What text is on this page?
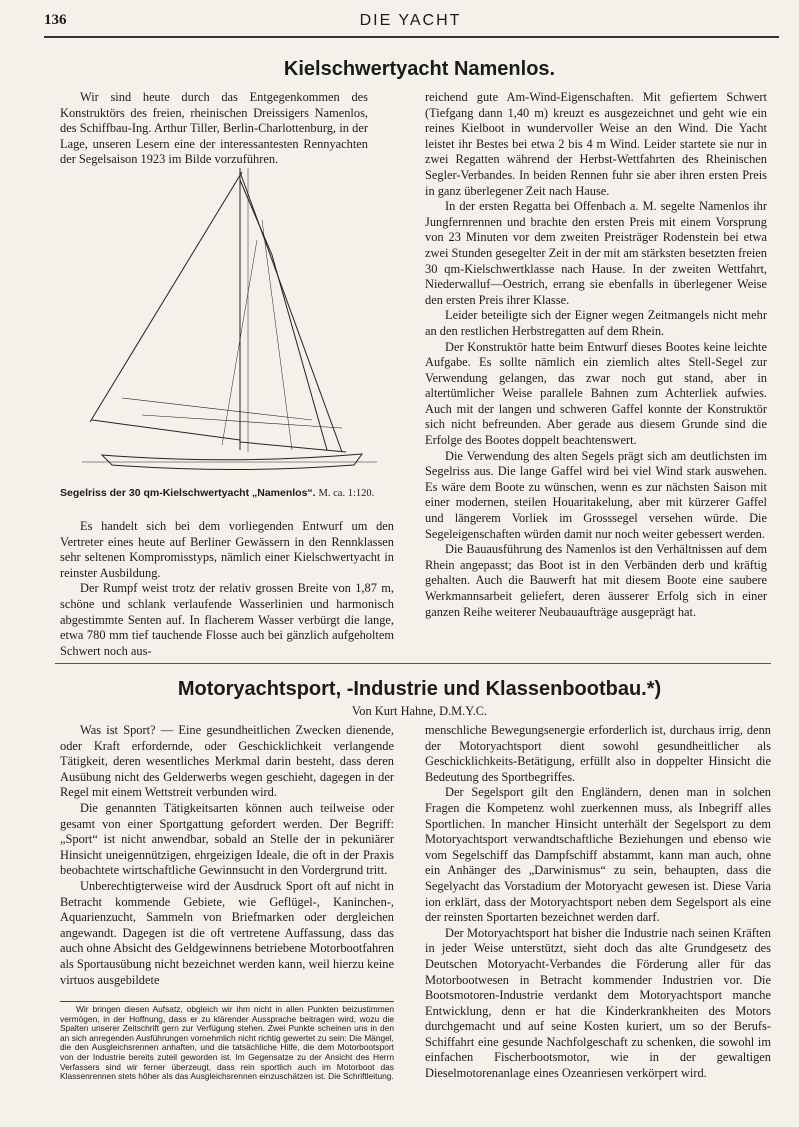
136	DIE YACHT
Kielschwertyacht Namenlos.

Wir sind heute durch das Entgegenkommen des Konstruktörs des freien, rheinischen Dreissigers Namenlos, des Schiffbau-Ing. Arthur Tiller, Berlin-Charlottenburg, in der Lage, unseren Lesern eine der interessantesten Rennyachten der Segelsaison 1923 im Bilde vorzuführen.

Segelriss der 30 qm-Kielschwertyacht „Namenlos“. M. ca. 1:120.

Es handelt sich bei dem vorliegenden Entwurf um den Vertreter eines heute auf Berliner Gewässern in den Rennklassen sehr seltenen Kompromisstyps, nämlich einer Kielschwertyacht in reinster Ausbildung.

Der Rumpf weist trotz der relativ grossen Breite von 1,87 m, schöne und schlank verlaufende Wasserlinien und harmonisch abgestimmte Senten auf. In flacherem Wasser verbürgt die lange, etwa 780 mm tief tauchende Flosse auch bei gänzlich aufgeholtem Schwert noch aus-

reichend gute Am-Wind-Eigenschaften. Mit gefiertem Schwert (Tiefgang dann 1,40 m) kreuzt es ausgezeichnet und geht wie ein reines Kielboot in wundervoller Weise an den Wind. Die Yacht leistet ihr Bestes bei etwa 2 bis 4 m Wind. Leider startete sie nur in zwei Regatten während der Herbst-Wettfahrten des Rheinischen Segler-Verbandes. In beiden Rennen fuhr sie aber ihren ersten Preis in ganz überlegener Zeit nach Hause.

In der ersten Regatta bei Offenbach a. M. segelte Namenlos ihr Jungfernrennen und brachte den ersten Preis mit einem Vorsprung von 23 Minuten vor dem zweiten Preisträger Rodenstein bei etwa zwei Stunden gesegelter Zeit in der mit am stärksten besetzten freien 30 qm-Kielschwertklasse nach Hause. In der zweiten Wettfahrt, Niederwalluf—Oestrich, errang sie ebenfalls in überlegener Weise den ersten Preis ihrer Klasse.

Leider beteiligte sich der Eigner wegen Zeitmangels nicht mehr an den restlichen Herbstregatten auf dem Rhein.

Der Konstruktör hatte beim Entwurf dieses Bootes keine leichte Aufgabe. Es sollte nämlich ein ziemlich altes Stell-Segel zur Verwendung gelangen, das zwar noch gut stand, aber in altertümlicher Weise parallele Bahnen zum Achterliek aufwies. Auch mit der langen und schweren Gaffel konnte der Konstruktör sich nicht befreunden. Aber gerade aus diesem Grunde sind die Erfolge des Bootes doppelt beachtenswert.

Die Verwendung des alten Segels prägt sich am deutlichsten im Segelriss aus. Die lange Gaffel wird bei viel Wind stark auswehen. Es wäre dem Boote zu wünschen, wenn es zur nächsten Saison mit einer modernen, steilen Houaritakelung, aber mit kürzerer Gaffel und längerem Vorliek im Grosssegel versehen würde. Die Segeleigenschaften würden damit nur noch weiter gebessert werden.

Die Bauausführung des Namenlos ist den Verhältnissen auf dem Rhein angepasst; das Boot ist in den Verbänden derb und kräftig gehalten. Auch die Bauwerft hat mit diesem Boote eine saubere Werkmannsarbeit geliefert, deren äusserer Erfolg sich in einer ganzen Reihe weiterer Neubauaufträge ausgeprägt hat.

Motoryachtsport, -Industrie und Klassenbootbau.*)
Von Kurt Hahne, D.M.Y.C.

Was ist Sport? — Eine gesundheitlichen Zwecken dienende, oder Kraft erfordernde, oder Geschicklichkeit verlangende Tätigkeit, deren wesentliches Merkmal darin besteht, dass deren Ausübung nicht des Gelderwerbs wegen geschieht, dagegen in der Regel mit einem Wettstreit verbunden wird.

Die genannten Tätigkeitsarten können auch teilweise oder gesamt von einer Sportgattung gefordert werden. Der Begriff: „Sport“ ist nicht anwendbar, sobald an Stelle der in pekuniärer Hinsicht uneigennützigen, ehrgeizigen Ideale, die oft in der Praxis beobachtete wirtschaftliche Gewinnsucht in den Vordergrund tritt.

Unberechtigterweise wird der Ausdruck Sport oft auf nicht in Betracht kommende Gebiete, wie Geflügel-, Kaninchen-, Aquarienzucht, Sammeln von Briefmarken oder dergleichen angewandt. Dagegen ist die oft vertretene Auffassung, dass das auch ohne Absicht des Geldgewinnens betriebene Motorbootfahren als Sportausübung nicht bezeichnet werden kann, weil hierzu keine virtuos ausgebildete

Wir bringen diesen Aufsatz, obgleich wir ihm nicht in allen Punkten beizustimmen vermögen, in der Hoffnung, dass er zu klärender Aussprache beitragen wird, wozu die Spalten unserer Zeitschrift gern zur Verfügung stehen. Zwei Punkte scheinen uns in den an sich anregenden Ausführungen vornehmlich nicht richtig gewertet zu sein: Die Mängel, die den Ausgleichsrennen anhaften, und die tatsächliche Hilfe, die dem Motorbootsport von der Industrie bereits zuteil geworden ist. Im Gegensatze zu der Ansicht des Herrn Verfassers sind wir ferner überzeugt, dass rein sportlich auch im Motorboot das Klassenrennen stets höher als das Ausgleichsrennen einzuschätzen ist. Die Schriftleitung.

menschliche Bewegungsenergie erforderlich ist, durchaus irrig, denn der Motoryachtsport dient sowohl gesundheitlicher als Geschicklichkeits-Betätigung, erfüllt also in doppelter Hinsicht die Bedeutung des Sportbegriffes.

Der Segelsport gilt den Engländern, denen man in solchen Fragen die Kompetenz wohl zuerkennen muss, als Inbegriff alles Sportlichen. In mancher Hinsicht unterhält der Segelsport zu dem Motoryachtsport verwandtschaftliche Beziehungen und ebenso wie vom Segelschiff das Dampfschiff abstammt, kann man auch, ohne ein Anhänger des „Darwinismus“ zu sein, behaupten, dass die Segelyacht das Vorstadium der Motoryacht gewesen ist. Diese Varia ion erklärt, dass der Motoryachtsport neben dem Segelsport als eine der reinsten Sportarten bezeichnet werden darf.

Der Motoryachtsport hat bisher die Industrie nach seinen Kräften in jeder Weise unterstützt, sieht doch das alte Grundgesetz des Deutschen Motoryacht-Verbandes die Förderung aller für das Motorbootwesen in Betracht kommender Industrien vor. Die Bootsmotoren-Industrie verdankt dem Motoryachtsport manche Entwicklung, denn er hat die Kinderkrankheiten des Motors durchgemacht und auf seine Kosten kuriert, um so der Berufs-Schiffahrt eine gesunde Nachfolgeschaft zu schenken, die sowohl im einfachen Fischerbootsmotor, wie in der gewaltigen Dieselmotorenanlage eines Ozeanriesen verkörpert wird.
